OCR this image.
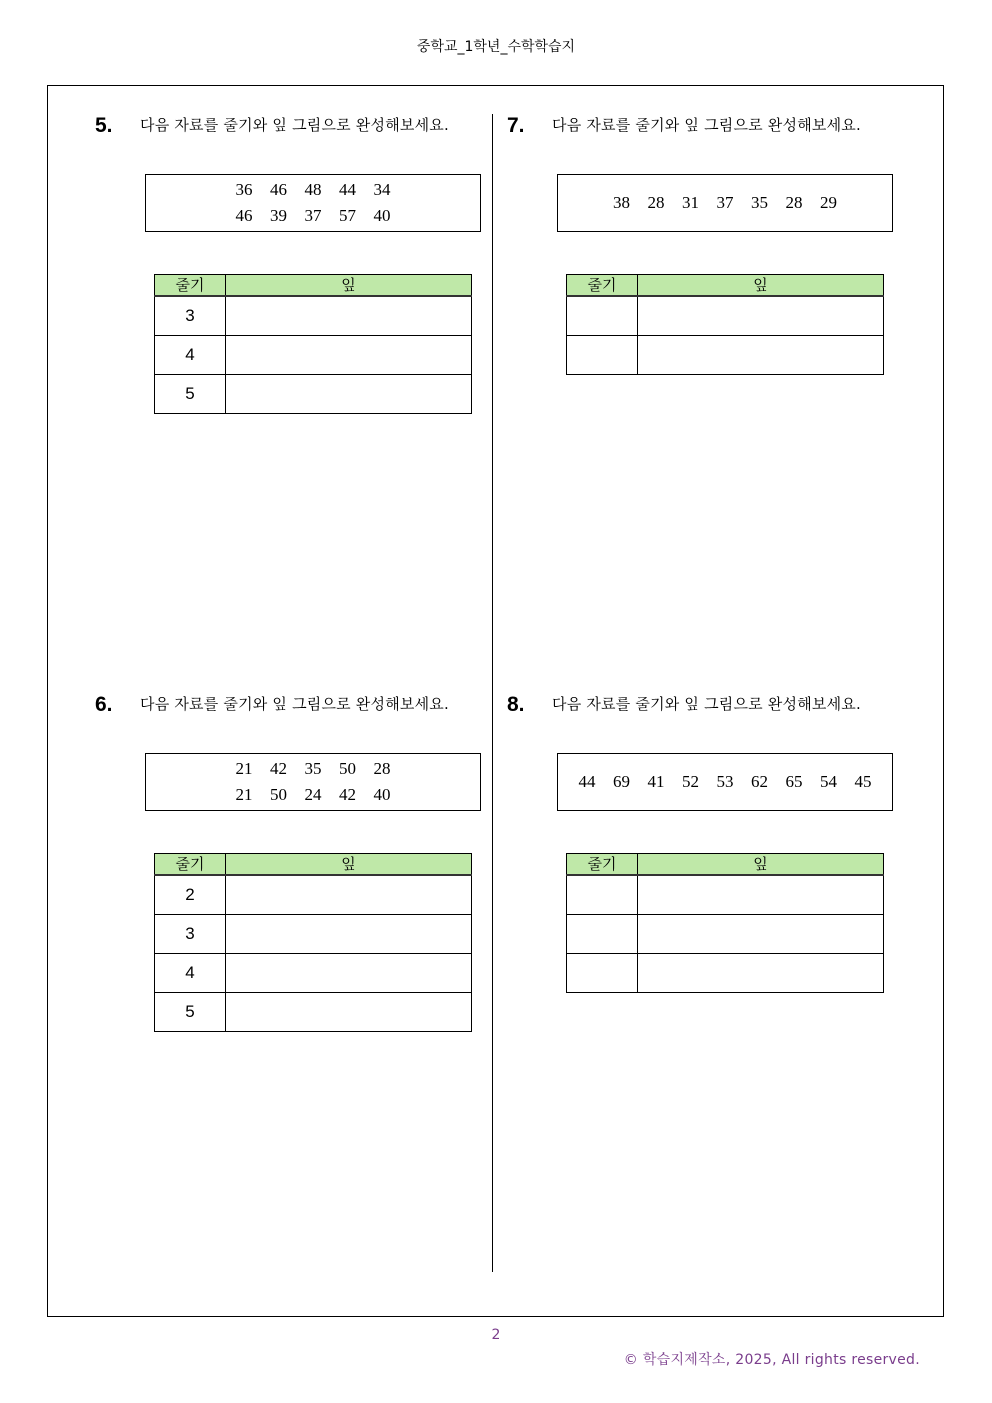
중학교_1학년_수학학습지
5. 다음 자료를 줄기와 잎 그림으로 완성해보세요.
36	46	48	44	34
46	39	37	57	40
줄기	잎
3	
4	
5	
7. 다음 자료를 줄기와 잎 그림으로 완성해보세요.
38	28	31	37	35	28	29
줄기	잎

6. 다음 자료를 줄기와 잎 그림으로 완성해보세요.
21	42	35	50	28
21	50	24	42	40
줄기	잎
2	
3	
4	
5	
8. 다음 자료를 줄기와 잎 그림으로 완성해보세요.
44	69	41	52	53	62	65	54	45
줄기	잎

2
© 학습지제작소, 2025, All rights reserved.
